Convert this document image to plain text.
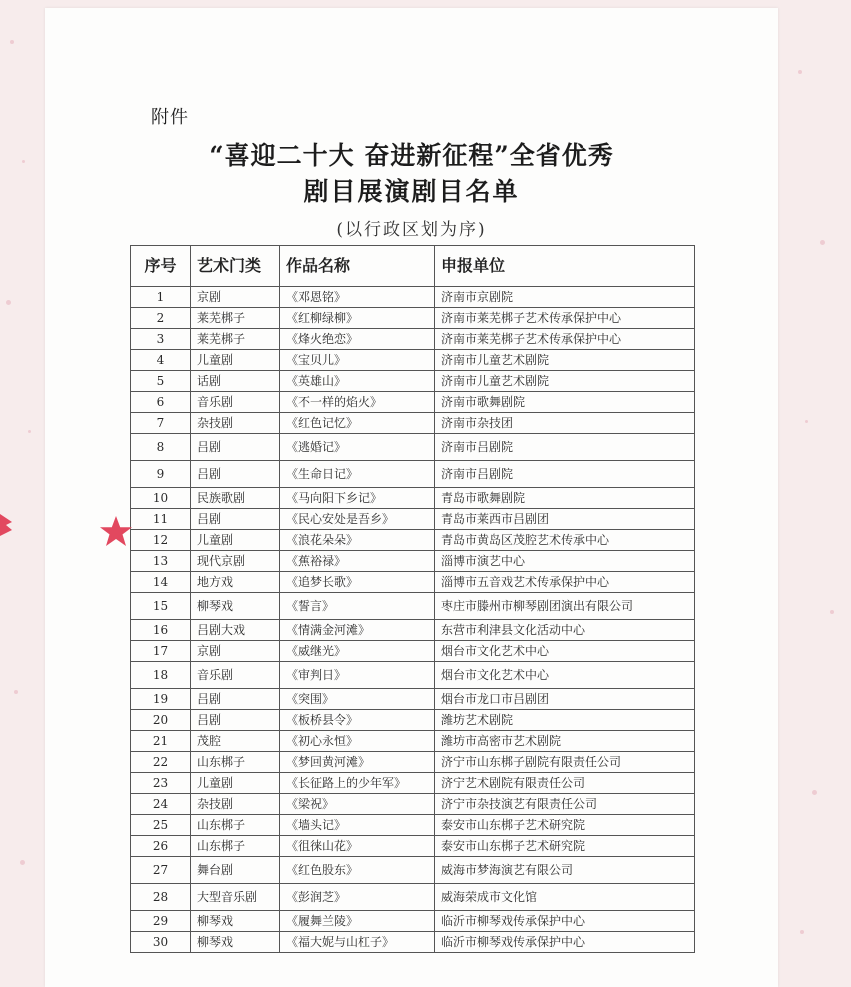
附件
“喜迎二十大 奋进新征程”全省优秀
剧目展演剧目名单
(以行政区划为序)
序号	艺术门类	作品名称	申报单位
1	京剧	《邓恩铭》	济南市京剧院
2	莱芜梆子	《红柳绿柳》	济南市莱芜梆子艺术传承保护中心
3	莱芜梆子	《烽火绝恋》	济南市莱芜梆子艺术传承保护中心
4	儿童剧	《宝贝儿》	济南市儿童艺术剧院
5	话剧	《英雄山》	济南市儿童艺术剧院
6	音乐剧	《不一样的焰火》	济南市歌舞剧院
7	杂技剧	《红色记忆》	济南市杂技团
8	吕剧	《逃婚记》	济南市吕剧院
9	吕剧	《生命日记》	济南市吕剧院
10	民族歌剧	《马向阳下乡记》	青岛市歌舞剧院
11	吕剧	《民心安处是吾乡》	青岛市莱西市吕剧团
12	儿童剧	《浪花朵朵》	青岛市黄岛区茂腔艺术传承中心
13	现代京剧	《蕉裕禄》	淄博市演艺中心
14	地方戏	《追梦长歌》	淄博市五音戏艺术传承保护中心
15	柳琴戏	《誓言》	枣庄市滕州市柳琴剧团演出有限公司
16	吕剧大戏	《情满金河滩》	东营市利津县文化活动中心
17	京剧	《威继光》	烟台市文化艺术中心
18	音乐剧	《审判日》	烟台市文化艺术中心
19	吕剧	《突围》	烟台市龙口市吕剧团
20	吕剧	《板桥县令》	潍坊艺术剧院
21	茂腔	《初心永恒》	潍坊市高密市艺术剧院
22	山东梆子	《梦回黄河滩》	济宁市山东梆子剧院有限责任公司
23	儿童剧	《长征路上的少年军》	济宁艺术剧院有限责任公司
24	杂技剧	《梁祝》	济宁市杂技演艺有限责任公司
25	山东梆子	《墙头记》	泰安市山东梆子艺术研究院
26	山东梆子	《徂徕山花》	泰安市山东梆子艺术研究院
27	舞台剧	《红色股东》	威海市梦海演艺有限公司
28	大型音乐剧	《彭润芝》	威海荣成市文化馆
29	柳琴戏	《履舞兰陵》	临沂市柳琴戏传承保护中心
30	柳琴戏	《福大妮与山杠子》	临沂市柳琴戏传承保护中心
